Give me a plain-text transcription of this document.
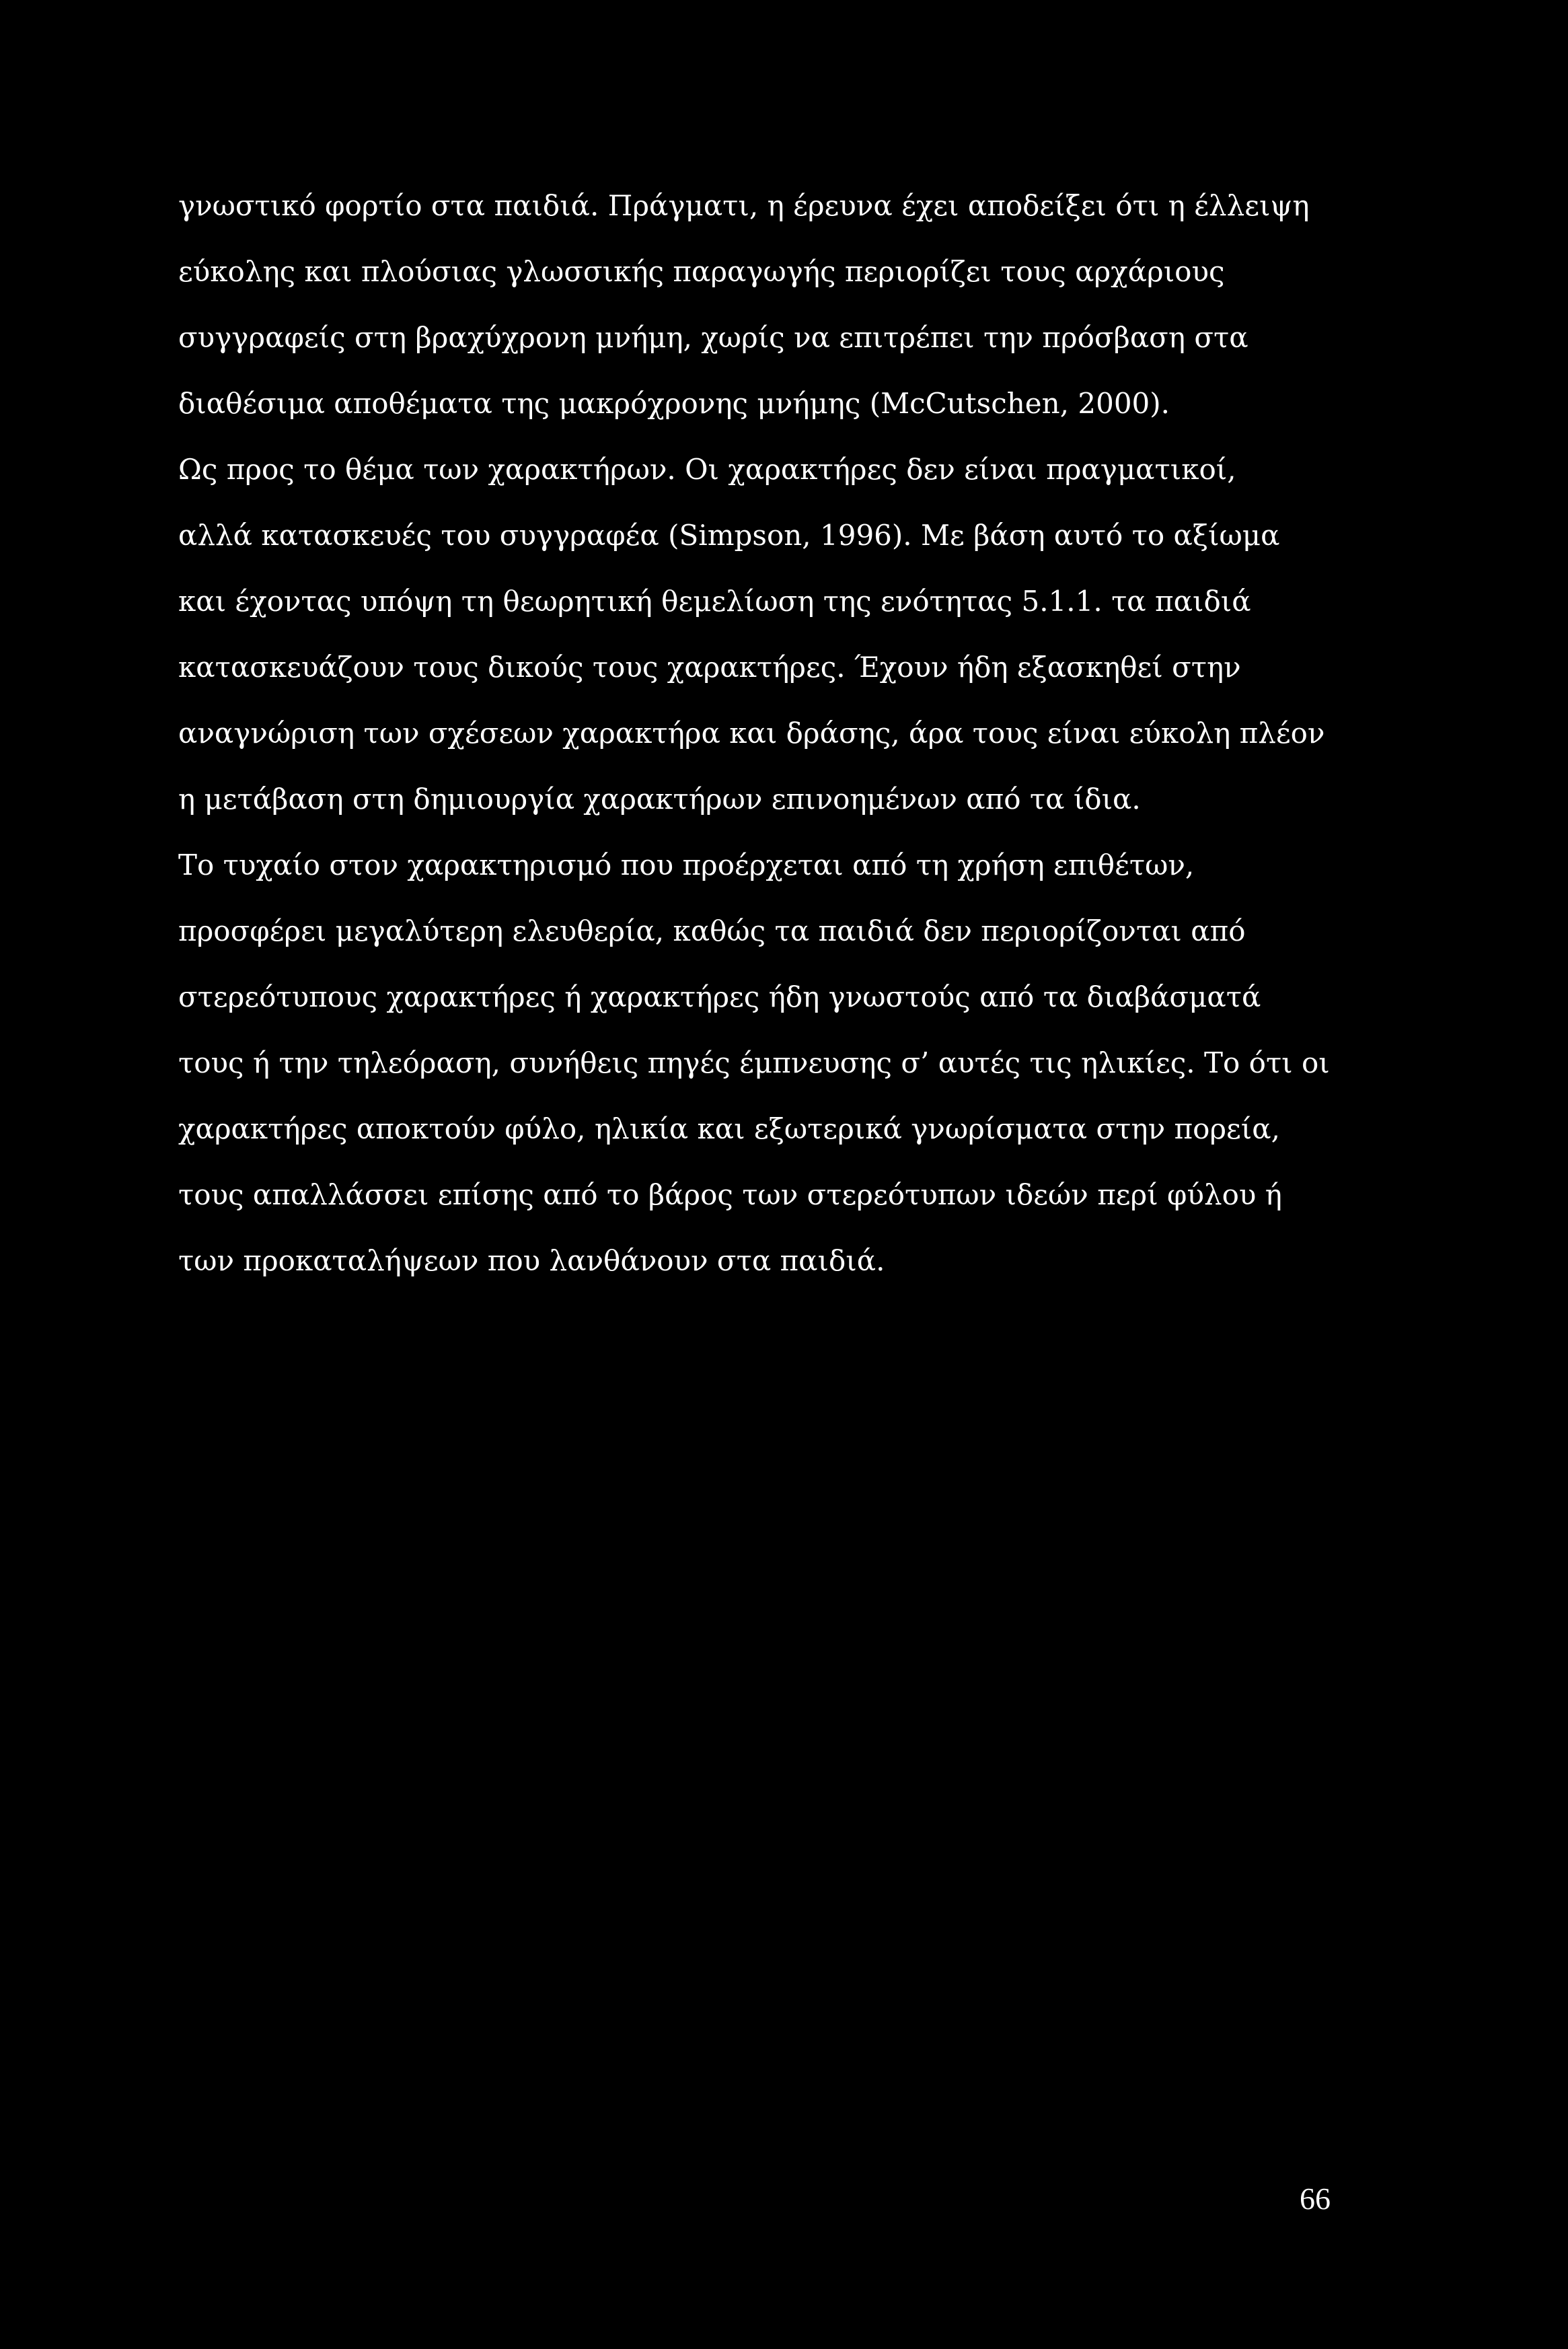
γνωστικό φορτίο στα παιδιά. Πράγματι, η έρευνα έχει αποδείξει ότι η έλλειψη
εύκολης και πλούσιας γλωσσικής παραγωγής περιορίζει τους αρχάριους
συγγραφείς στη βραχύχρονη μνήμη, χωρίς να επιτρέπει την πρόσβαση στα
διαθέσιμα αποθέματα της μακρόχρονης μνήμης (McCutschen, 2000).
Ως προς το θέμα των χαρακτήρων. Οι χαρακτήρες δεν είναι πραγματικοί,
αλλά κατασκευές του συγγραφέα (Simpson, 1996). Με βάση αυτό το αξίωμα
και έχοντας υπόψη τη θεωρητική θεμελίωση της ενότητας 5.1.1. τα παιδιά
κατασκευάζουν τους δικούς τους χαρακτήρες. Έχουν ήδη εξασκηθεί στην
αναγνώριση των σχέσεων χαρακτήρα και δράσης, άρα τους είναι εύκολη πλέον
η μετάβαση στη δημιουργία χαρακτήρων επινοημένων από τα ίδια.
Το τυχαίο στον χαρακτηρισμό που προέρχεται από τη χρήση επιθέτων,
προσφέρει μεγαλύτερη ελευθερία, καθώς τα παιδιά δεν περιορίζονται από
στερεότυπους χαρακτήρες ή χαρακτήρες ήδη γνωστούς από τα διαβάσματά
τους ή την τηλεόραση, συνήθεις πηγές έμπνευσης σ’ αυτές τις ηλικίες. Το ότι οι
χαρακτήρες αποκτούν φύλο, ηλικία και εξωτερικά γνωρίσματα στην πορεία,
τους απαλλάσσει επίσης από το βάρος των στερεότυπων ιδεών περί φύλου ή
των προκαταλήψεων που λανθάνουν στα παιδιά.
66
